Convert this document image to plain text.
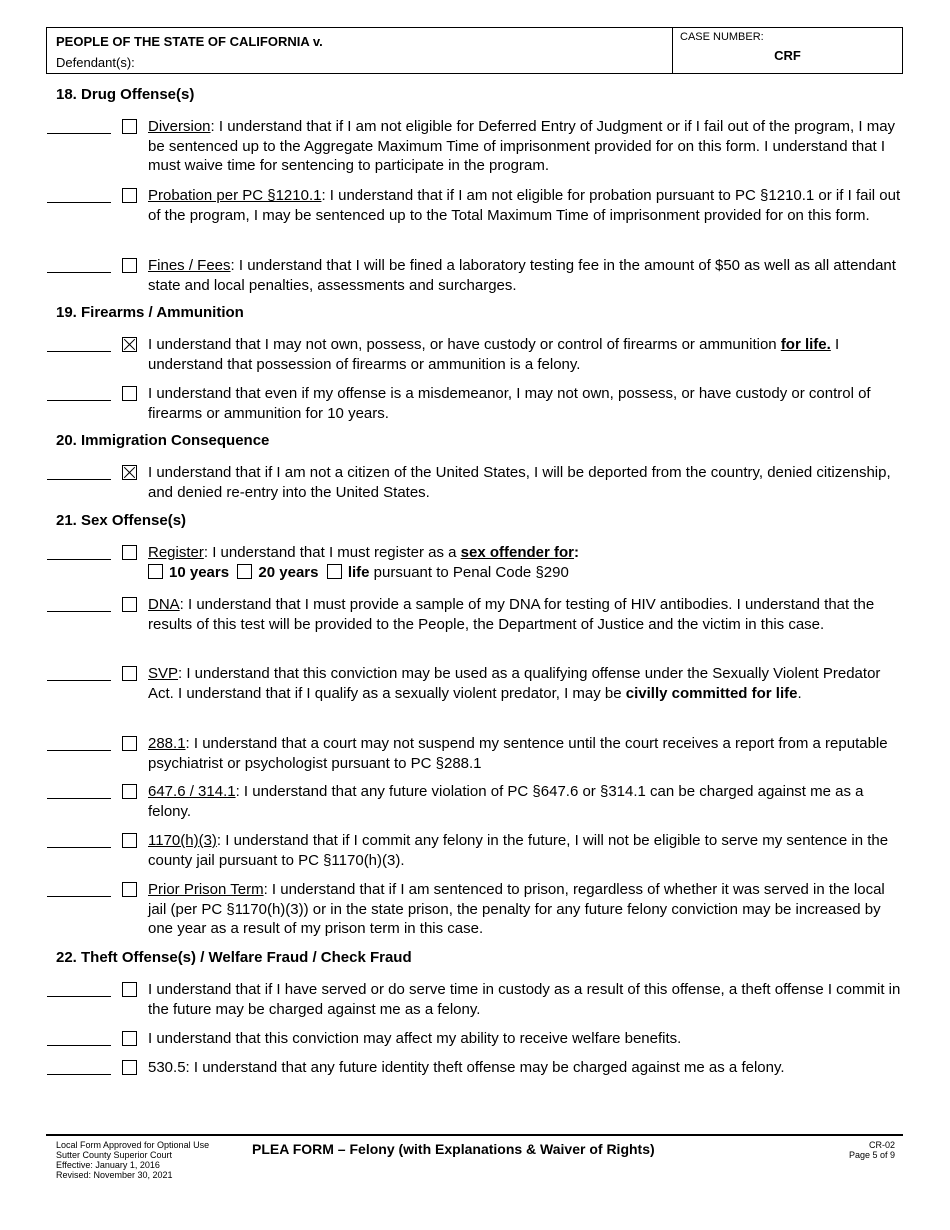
PEOPLE OF THE STATE OF CALIFORNIA v.
Defendant(s):
CASE NUMBER:
CRF
18. Drug Offense(s)
Diversion: I understand that if I am not eligible for Deferred Entry of Judgment or if I fail out of the program, I may be sentenced up to the Aggregate Maximum Time of imprisonment provided for on this form. I understand that I must waive time for sentencing to participate in the program.
Probation per PC §1210.1: I understand that if I am not eligible for probation pursuant to PC §1210.1 or if I fail out of the program, I may be sentenced up to the Total Maximum Time of imprisonment provided for on this form.
Fines / Fees: I understand that I will be fined a laboratory testing fee in the amount of $50 as well as all attendant state and local penalties, assessments and surcharges.
19. Firearms / Ammunition
I understand that I may not own, possess, or have custody or control of firearms or ammunition for life. I understand that possession of firearms or ammunition is a felony.
I understand that even if my offense is a misdemeanor, I may not own, possess, or have custody or control of firearms or ammunition for 10 years.
20. Immigration Consequence
I understand that if I am not a citizen of the United States, I will be deported from the country, denied citizenship, and denied re-entry into the United States.
21. Sex Offense(s)
Register: I understand that I must register as a sex offender for:
10 years 20 years life pursuant to Penal Code §290
DNA: I understand that I must provide a sample of my DNA for testing of HIV antibodies. I understand that the results of this test will be provided to the People, the Department of Justice and the victim in this case.
SVP: I understand that this conviction may be used as a qualifying offense under the Sexually Violent Predator Act. I understand that if I qualify as a sexually violent predator, I may be civilly committed for life.
288.1: I understand that a court may not suspend my sentence until the court receives a report from a reputable psychiatrist or psychologist pursuant to PC §288.1
647.6 / 314.1: I understand that any future violation of PC §647.6 or §314.1 can be charged against me as a felony.
1170(h)(3): I understand that if I commit any felony in the future, I will not be eligible to serve my sentence in the county jail pursuant to PC §1170(h)(3).
Prior Prison Term: I understand that if I am sentenced to prison, regardless of whether it was served in the local jail (per PC §1170(h)(3)) or in the state prison, the penalty for any future felony conviction may be increased by one year as a result of my prison term in this case.
22. Theft Offense(s) / Welfare Fraud / Check Fraud
I understand that if I have served or do serve time in custody as a result of this offense, a theft offense I commit in the future may be charged against me as a felony.
I understand that this conviction may affect my ability to receive welfare benefits.
530.5: I understand that any future identity theft offense may be charged against me as a felony.
Local Form Approved for Optional Use
Sutter County Superior Court
Effective: January 1, 2016
Revised: November 30, 2021
PLEA FORM – Felony (with Explanations & Waiver of Rights)	CR-02
Page 5 of 9
